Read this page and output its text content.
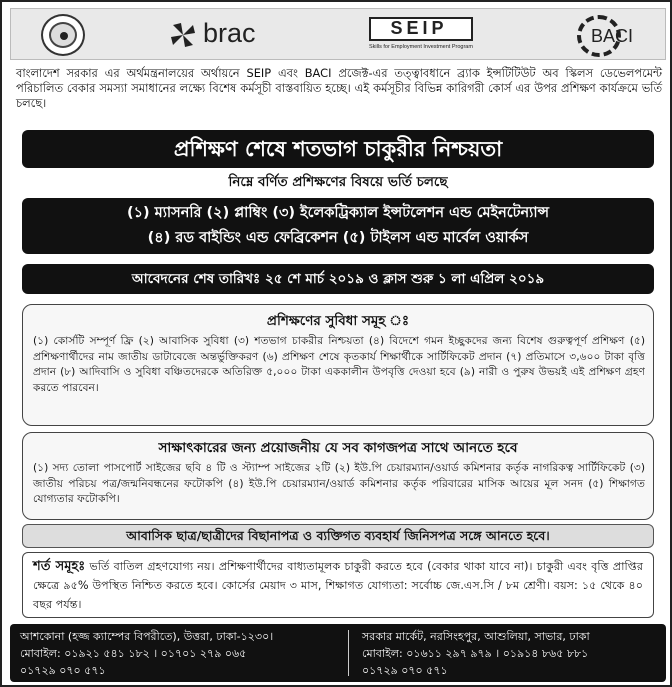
brac	SEIP
Skills for Employment Investment Program
BACI

বাংলাদেশ সরকার এর অর্থমন্ত্রনালয়ের অর্থায়নে SEIP এবং BACI প্রজেক্ট-এর তত্ত্বাবধানে ব্র্যাক ইন্সটিটিউট অব স্কিলস ডেভেলপমেন্ট পরিচালিত বেকার সমস্যা সমাধানের লক্ষ্যে বিশেষ কর্মসূচী বাস্তবায়িত হচ্ছে। এই কর্মসূচীর বিভিন্ন কারিগরী কোর্স এর উপর প্রশিক্ষণ কার্যক্রমে ভর্তি চলছে।

প্রশিক্ষণ শেষে শতভাগ চাকুরীর নিশ্চয়তা
নিম্নে বর্ণিত প্রশিক্ষণের বিষয়ে ভর্তি চলছে
(১) ম্যাসনরি (২) প্লাম্বিং (৩) ইলেকট্রিক্যাল ইন্সটলেশন এন্ড মেইনটেন্যান্স
(৪) রড বাইন্ডিং এন্ড ফেব্রিকেশন (৫) টাইলস এন্ড মার্বেল ওয়ার্কস
আবেদনের শেষ তারিখঃ ২৫ শে মার্চ ২০১৯ ও ক্লাস শুরু ১ লা এপ্রিল ২০১৯
প্রশিক্ষণের সুবিধা সমূহ ঃ

(১) কোর্সটি সম্পূর্ণ ফ্রি (২) আবাসিক সুবিধা (৩) শতভাগ চাকরীর নিশ্চয়তা (৪) বিদেশে গমন ইচ্ছুকদের জন্য বিশেষ গুরুত্বপূর্ণ প্রশিক্ষণ (৫) প্রশিক্ষণার্থীদের নাম জাতীয় ডাটাবেজে অন্তর্ভুক্তিকরণ (৬) প্রশিক্ষণ শেষে কৃতকার্য শিক্ষার্থীকে সার্টিফিকেট প্রদান (৭) প্রতিমাসে ৩,৬০০ টাকা বৃত্তি প্রদান (৮) আদিবাসি ও সুবিধা বঞ্চিতদেরকে অতিরিক্ত ৫,০০০ টাকা এককালীন উপবৃত্তি দেওয়া হবে (৯) নারী ও পুরুষ উভয়ই এই প্রশিক্ষণ গ্রহণ করতে পারবেন।

সাক্ষাৎকারের জন্য প্রয়োজনীয় যে সব কাগজপত্র সাথে আনতে হবে

(১) সদ্য তোলা পাসপোর্ট সাইজের ছবি ৪ টি ও স্ট্যাম্প সাইজের ২টি (২) ইউ.পি চেয়ারম্যান/ওয়ার্ড কমিশনার কর্তৃক নাগরিকত্ব সার্টিফিকেট (৩) জাতীয় পরিচয় পত্র/জন্মনিবন্ধনের ফটোকপি (৪) ইউ.পি চেয়ারম্যান/ওয়ার্ড কমিশনার কর্তৃক পরিবারের মাসিক আয়ের মূল সনদ (৫) শিক্ষাগত যোগ্যতার ফটোকপি।

আবাসিক ছাত্র/ছাত্রীদের বিছানাপত্র ও ব্যক্তিগত ব্যবহার্য জিনিসপত্র সঙ্গে আনতে হবে।
শর্ত সমূহঃ ভর্তি বাতিল গ্রহণযোগ্য নয়। প্রশিক্ষণার্থীদের বাধ্যতামূলক চাকুরী করতে হবে (বেকার থাকা যাবে না)। চাকুরী এবং বৃত্তি প্রাপ্তির ক্ষেত্রে ৯৫% উপস্থিত নিশ্চিত করতে হবে। কোর্সের মেয়াদ ৩ মাস, শিক্ষাগত যোগ্যতা: সর্বোচ্চ জে.এস.সি / ৮ম শ্রেণী। বয়স: ১৫ থেকে ৪০ বছর পর্যন্ত।
আশকোনা (হজ্জ ক্যাম্পের বিপরীতে), উত্তরা, ঢাকা-১২৩০।
মোবাইল: ০১৯২১ ৫৪১ ১৮২ । ০১৭০১ ২৭৯ ০৬৫
০১৭২৯ ০৭০ ৫৭১
সরকার মার্কেট, নরসিংহপুর, আশুলিয়া, সাভার, ঢাকা
মোবাইল: ০১৬১১ ২৯৭ ৯৭৯ । ০১৯১৪ ৮৬৫ ৮৮১
০১৭২৯ ০৭০ ৫৭১
